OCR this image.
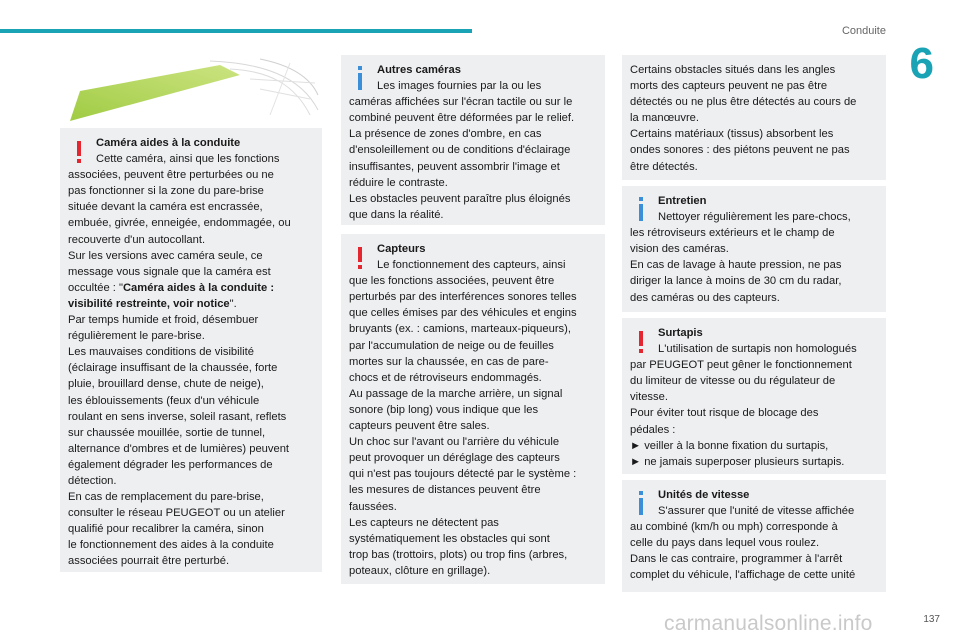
Conduite
6
Caméra aides à la conduite
Cette caméra, ainsi que les fonctions
associées, peuvent être perturbées ou ne
pas fonctionner si la zone du pare-brise
située devant la caméra est encrassée,
embuée, givrée, enneigée, endommagée, ou
recouverte d'un autocollant.
Sur les versions avec caméra seule, ce
message vous signale que la caméra est
occultée : "Caméra aides à la conduite :
visibilité restreinte, voir notice".
Par temps humide et froid, désembuer
régulièrement le pare-brise.
Les mauvaises conditions de visibilité
(éclairage insuffisant de la chaussée, forte
pluie, brouillard dense, chute de neige),
les éblouissements (feux d'un véhicule
roulant en sens inverse, soleil rasant, reflets
sur chaussée mouillée, sortie de tunnel,
alternance d'ombres et de lumières) peuvent
également dégrader les performances de
détection.
En cas de remplacement du pare-brise,
consulter le réseau PEUGEOT ou un atelier
qualifié pour recalibrer la caméra, sinon
le fonctionnement des aides à la conduite
associées pourrait être perturbé.
Autres caméras
Les images fournies par la ou les
caméras affichées sur l'écran tactile ou sur le
combiné peuvent être déformées par le relief.
La présence de zones d'ombre, en cas
d'ensoleillement ou de conditions d'éclairage
insuffisantes, peuvent assombrir l'image et
réduire le contraste.
Les obstacles peuvent paraître plus éloignés
que dans la réalité.
Capteurs
Le fonctionnement des capteurs, ainsi
que les fonctions associées, peuvent être
perturbés par des interférences sonores telles
que celles émises par des véhicules et engins
bruyants (ex. : camions, marteaux-piqueurs),
par l'accumulation de neige ou de feuilles
mortes sur la chaussée, en cas de pare-
chocs et de rétroviseurs endommagés.
Au passage de la marche arrière, un signal
sonore (bip long) vous indique que les
capteurs peuvent être sales.
Un choc sur l'avant ou l'arrière du véhicule
peut provoquer un déréglage des capteurs
qui n'est pas toujours détecté par le système :
les mesures de distances peuvent être
faussées.
Les capteurs ne détectent pas
systématiquement les obstacles qui sont
trop bas (trottoirs, plots) ou trop fins (arbres,
poteaux, clôture en grillage).
Certains obstacles situés dans les angles
morts des capteurs peuvent ne pas être
détectés ou ne plus être détectés au cours de
la manœuvre.
Certains matériaux (tissus) absorbent les
ondes sonores : des piétons peuvent ne pas
être détectés.
Entretien
Nettoyer régulièrement les pare-chocs,
les rétroviseurs extérieurs et le champ de
vision des caméras.
En cas de lavage à haute pression, ne pas
diriger la lance à moins de 30 cm du radar,
des caméras ou des capteurs.
Surtapis
L'utilisation de surtapis non homologués
par PEUGEOT peut gêner le fonctionnement
du limiteur de vitesse ou du régulateur de
vitesse.
Pour éviter tout risque de blocage des
pédales :
► veiller à la bonne fixation du surtapis,
► ne jamais superposer plusieurs surtapis.
Unités de vitesse
S'assurer que l'unité de vitesse affichée
au combiné (km/h ou mph) corresponde à
celle du pays dans lequel vous roulez.
Dans le cas contraire, programmer à l'arrêt
complet du véhicule, l'affichage de cette unité
carmanualsonline.info	137
